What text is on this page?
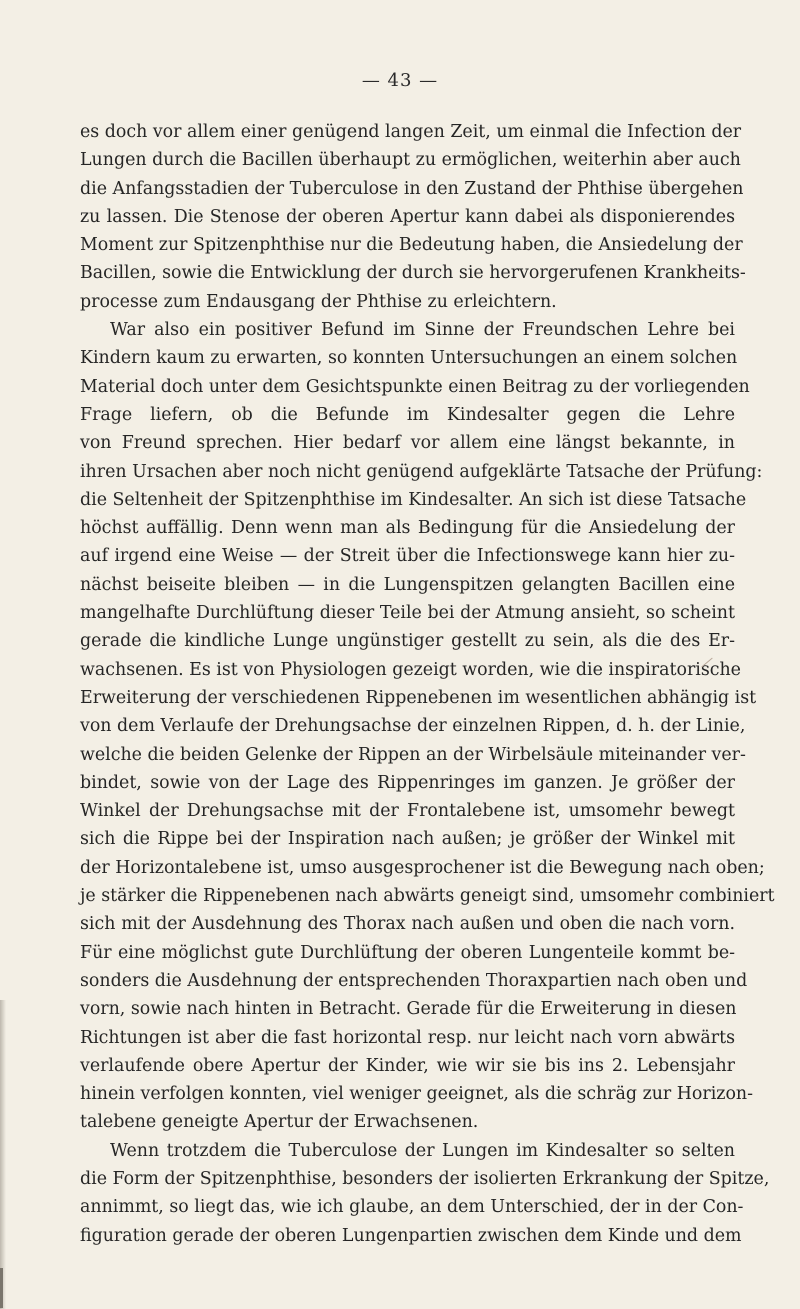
— 43 —
es doch vor allem einer genügend langen Zeit, um einmal die Infection der
Lungen durch die Bacillen überhaupt zu ermöglichen, weiterhin aber auch
die Anfangsstadien der Tuberculose in den Zustand der Phthise übergehen
zu lassen. Die Stenose der oberen Apertur kann dabei als disponierendes
Moment zur Spitzenphthise nur die Bedeutung haben, die Ansiedelung der
Bacillen, sowie die Entwicklung der durch sie hervorgerufenen Krankheits-
processe zum Endausgang der Phthise zu erleichtern.
War also ein positiver Befund im Sinne der Freundschen Lehre bei
Kindern kaum zu erwarten, so konnten Untersuchungen an einem solchen
Material doch unter dem Gesichtspunkte einen Beitrag zu der vorliegenden
Frage liefern, ob die Befunde im Kindesalter gegen die Lehre
von Freund sprechen. Hier bedarf vor allem eine längst bekannte, in
ihren Ursachen aber noch nicht genügend aufgeklärte Tatsache der Prüfung:
die Seltenheit der Spitzenphthise im Kindesalter. An sich ist diese Tatsache
höchst auffällig. Denn wenn man als Bedingung für die Ansiedelung der
auf irgend eine Weise — der Streit über die Infectionswege kann hier zu-
nächst beiseite bleiben — in die Lungenspitzen gelangten Bacillen eine
mangelhafte Durchlüftung dieser Teile bei der Atmung ansieht, so scheint
gerade die kindliche Lunge ungünstiger gestellt zu sein, als die des Er-
wachsenen. Es ist von Physiologen gezeigt worden, wie die inspiratorische
Erweiterung der verschiedenen Rippenebenen im wesentlichen abhängig ist
von dem Verlaufe der Drehungsachse der einzelnen Rippen, d. h. der Linie,
welche die beiden Gelenke der Rippen an der Wirbelsäule miteinander ver-
bindet, sowie von der Lage des Rippenringes im ganzen. Je größer der
Winkel der Drehungsachse mit der Frontalebene ist, umsomehr bewegt
sich die Rippe bei der Inspiration nach außen; je größer der Winkel mit
der Horizontalebene ist, umso ausgesprochener ist die Bewegung nach oben;
je stärker die Rippenebenen nach abwärts geneigt sind, umsomehr combiniert
sich mit der Ausdehnung des Thorax nach außen und oben die nach vorn.
Für eine möglichst gute Durchlüftung der oberen Lungenteile kommt be-
sonders die Ausdehnung der entsprechenden Thoraxpartien nach oben und
vorn, sowie nach hinten in Betracht. Gerade für die Erweiterung in diesen
Richtungen ist aber die fast horizontal resp. nur leicht nach vorn abwärts
verlaufende obere Apertur der Kinder, wie wir sie bis ins 2. Lebensjahr
hinein verfolgen konnten, viel weniger geeignet, als die schräg zur Horizon-
talebene geneigte Apertur der Erwachsenen.
Wenn trotzdem die Tuberculose der Lungen im Kindesalter so selten
die Form der Spitzenphthise, besonders der isolierten Erkrankung der Spitze,
annimmt, so liegt das, wie ich glaube, an dem Unterschied, der in der Con-
figuration gerade der oberen Lungenpartien zwischen dem Kinde und dem
